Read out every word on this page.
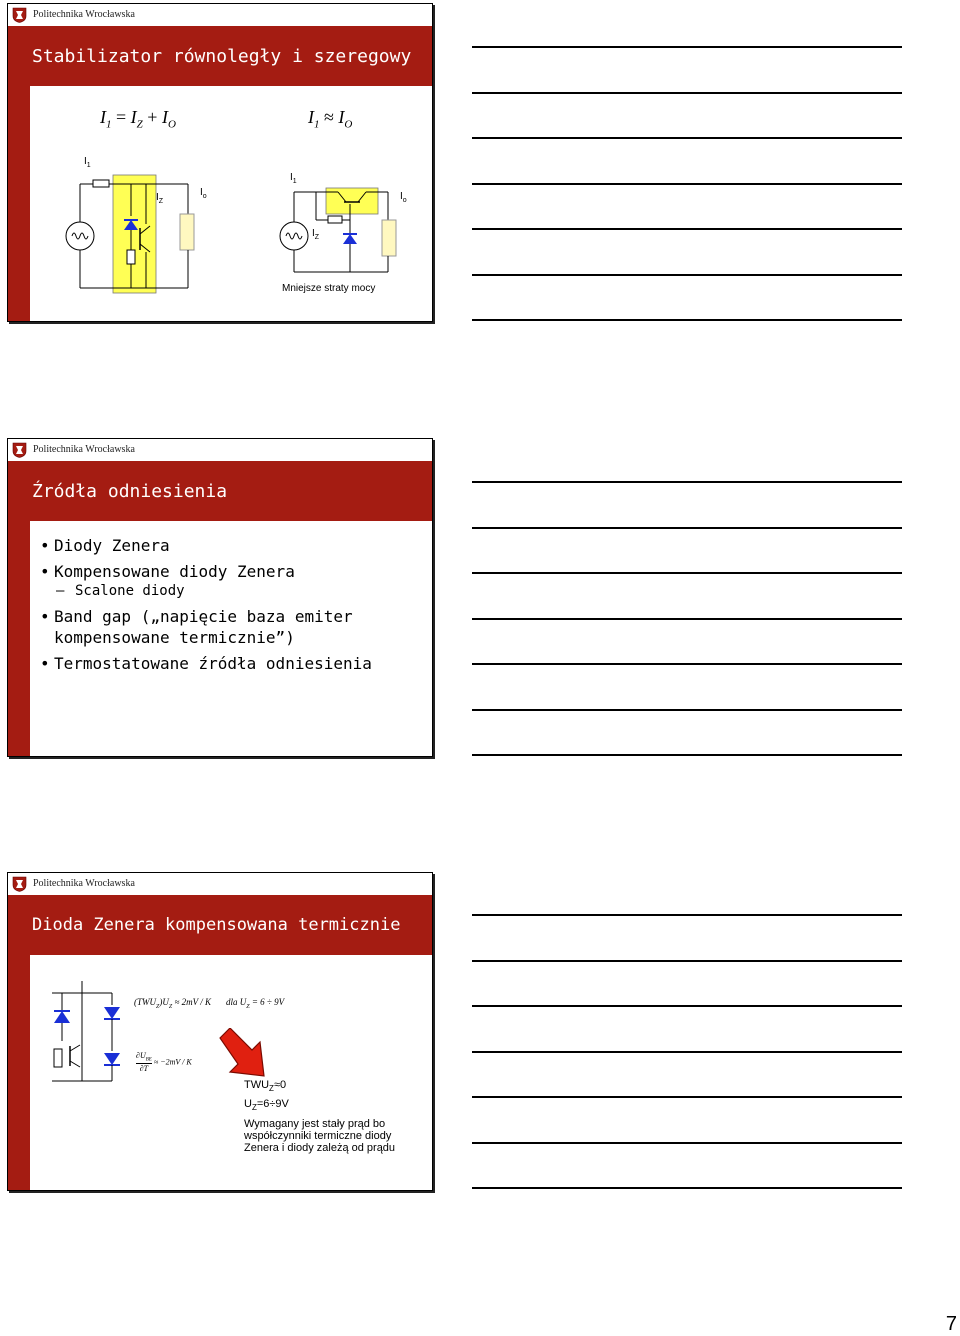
Politechnika Wrocławska
Stabilizator równoległy i szeregowy
$I_1 = I_Z + I_O$	$I_1 \approx I_O$
$I_1$
$I_Z$
$I_o$
$I_1$
$I_Z$
$I_o$
Mniejsze straty mocy
Politechnika Wrocławska
Źródła odniesienia
• Diody Zenera
• Kompensowane diody Zenera
– Scalone diody
• Band gap („napięcie baza emiter kompensowane termicznie”)
• Termostatowane źródła odniesienia
Politechnika Wrocławska
Dioda Zenera kompensowana termicznie
$(TWU_Z)U_Z \approx 2mV / K$ dla $U_Z = 6 \div 9V$
$\partial U_{BE}$
∂T
≈ −2mV / K
$TWU_Z\approx 0$
$U_Z=6\div 9V$
Wymagany jest stały prąd bo współczynniki termiczne diody Zenera i diody zależą od prądu
7
